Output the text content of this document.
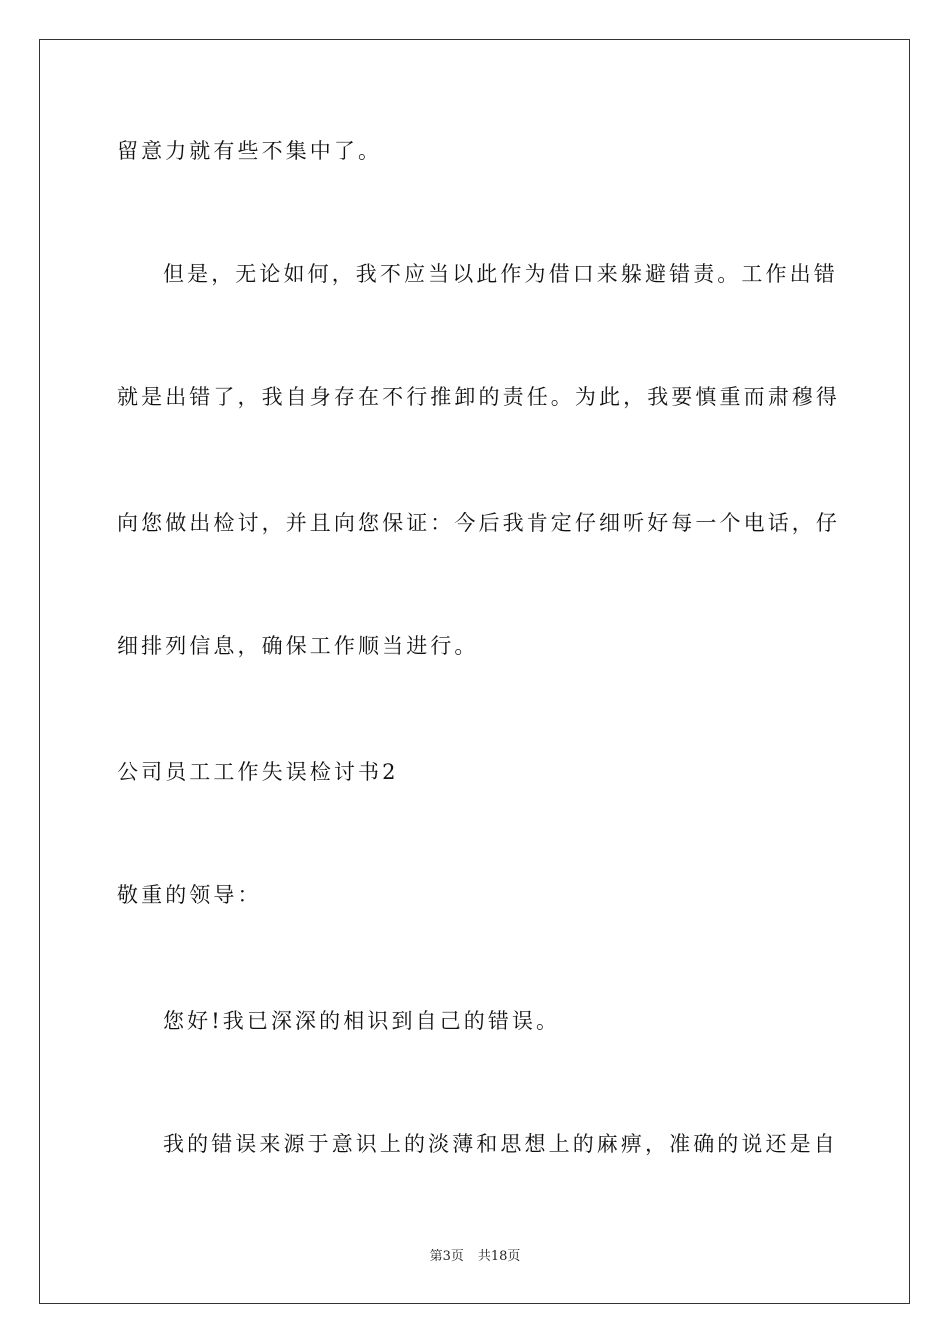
留意力就有些不集中了。
但是，无论如何，我不应当以此作为借口来躲避错责。工作出错
就是出错了，我自身存在不行推卸的责任。为此，我要慎重而肃穆得
向您做出检讨，并且向您保证：今后我肯定仔细听好每一个电话，仔
细排列信息，确保工作顺当进行。
公司员工工作失误检讨书2
敬重的领导：
您好!我已深深的相识到自己的错误。
我的错误来源于意识上的淡薄和思想上的麻痹，准确的说还是自
第3页 共18页
